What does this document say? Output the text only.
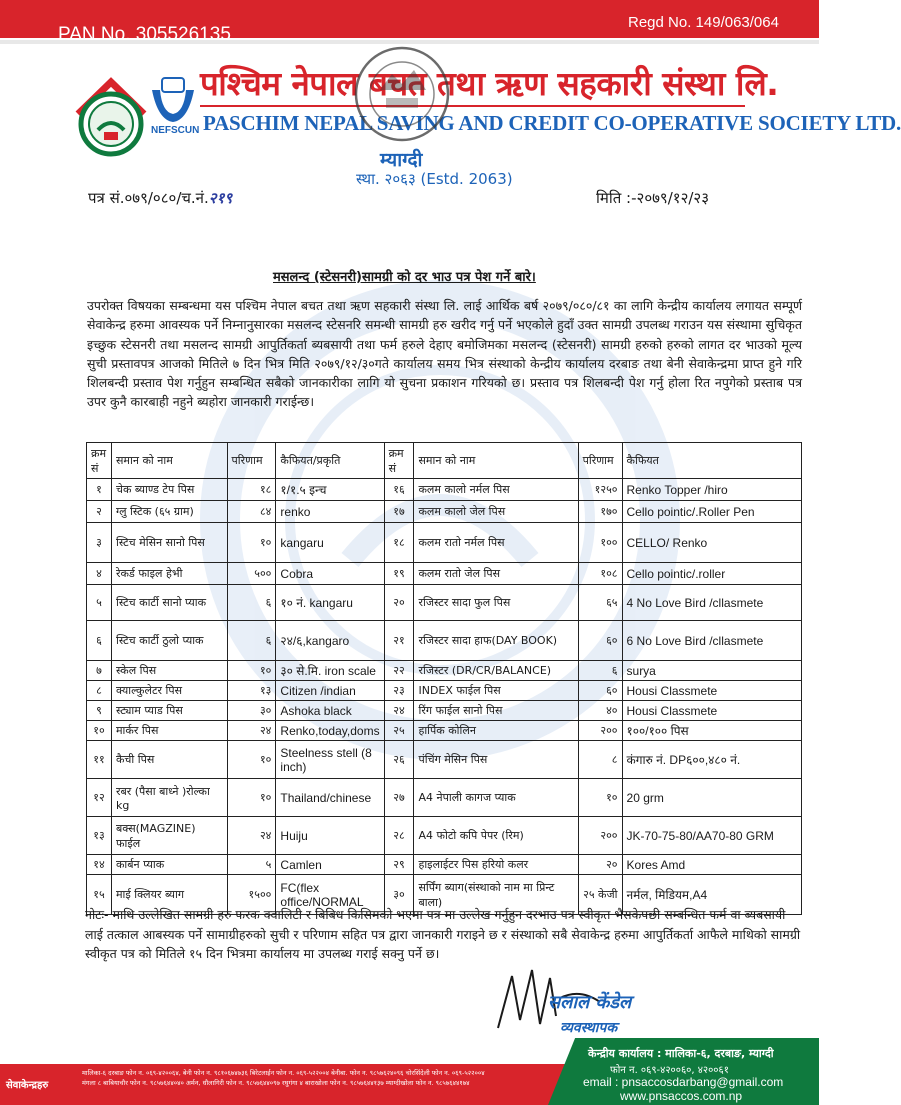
PAN No. 305526135
Regd No. 149/063/064
NEFSCUN
पश्चिम नेपाल बचत तथा ऋण सहकारी संस्था लि.
PASCHIM NEPAL SAVING AND CREDIT CO-OPERATIVE SOCIETY LTD.
म्याग्दी
स्था. २०६३ (Estd. 2063)
पत्र सं.०७९/०८०/च.नं.२१९	मिति :-२०७९/१२/२३
मसलन्द (स्टेसनरी)सामग्री को दर भाउ पत्र पेश गर्ने बारे।
उपरोक्त विषयका सम्बन्धमा यस पश्चिम नेपाल बचत तथा ऋण सहकारी संस्था लि. लाई आर्थिक बर्ष २०७९/०८०/८१ का लागि केन्द्रीय कार्यालय लगायत सम्पूर्ण सेवाकेन्द्र हरुमा आवस्यक पर्ने निम्नानुसारका मसलन्द स्टेसनरि समन्धी सामग्री हरु खरीद गर्नु पर्ने भएकोले हुदाँ उक्त सामग्री उपलब्ध गराउन यस संस्थामा सुचिकृत इच्छुक स्टेसनरी तथा मसलन्द सामग्री आपुर्तिकर्ता ब्यबसायी तथा फर्म हरुले देहाए बमोजिमका मसलन्द (स्टेसनरी) सामग्री हरुको हरुको लागत दर भाउको मूल्य सुची प्रस्तावपत्र आजको मितिले ७ दिन भित्र मिति २०७९/१२/३०गते कार्यालय समय भित्र संस्थाको केन्द्रीय कार्यालय दरबाङ तथा बेनी सेवाकेन्द्रमा प्राप्त हुने गरि शिलबन्दी प्रस्ताव पेश गर्नुहुन सम्बन्धित सबैको जानकारीका लागि यो सुचना प्रकाशन गरियको छ। प्रस्ताव पत्र शिलबन्दी पेश गर्नु होला रित नपुगेको प्रस्ताब पत्र उपर कुनै कारबाही नहुने ब्यहोरा जानकारी गराईन्छ।
क्रम सं	समान को नाम	परिणाम	कैफियत/प्रकृति	क्रम सं	समान को नाम	परिणाम	कैफियत
१	चेक ब्याण्ड टेप पिस	१८	१/१.५ इन्च	१६	कलम कालो नर्मल पिस	१२५०	Renko Topper /hiro
२	ग्लु स्टिक (६५ ग्राम)	८४	renko	१७	कलम कालो जेल पिस	१७०	Cello pointic/.Roller Pen
३	स्टिच मेसिन सानो पिस	१०	kangaru	१८	कलम रातो नर्मल पिस	१००	CELLO/ Renko
४	रेकर्ड फाइल हेभी	५००	Cobra	१९	कलम रातो जेल पिस	१०८	Cello pointic/.roller
५	स्टिच कार्टी सानो प्याक	६	१० नं. kangaru	२०	रजिस्टर सादा फुल पिस	६५	4 No Love Bird /cllasmete
६	स्टिच कार्टी ठुलो प्याक	६	२४/६,kangaro	२१	रजिस्टर सादा हाफ(DAY BOOK)	६०	6 No Love Bird /cllasmete
७	स्केल पिस	१०	३० से.मि. iron scale	२२	रजिस्टर (DR/CR/BALANCE)	६	surya
८	क्याल्कुलेटर पिस	१३	Citizen /indian	२३	INDEX फाईल पिस	६०	Housi Classmete
९	स्ट्याम प्याड पिस	३०	Ashoka black	२४	रिंग फाईल सानो पिस	४०	Housi Classmete
१०	मार्कर पिस	२४	Renko,today,doms	२५	हार्पिक कोलिन	२००	१००/१०० पिस
११	कैची पिस	१०	Steelness stell (8 inch)	२६	पंचिंग मेसिन पिस	८	कंगारु नं. DP६००,४८० नं.
१२	रबर (पैसा बाध्ने )रोल्का kg	१०	Thailand/chinese	२७	A4 नेपाली कागज प्याक	१०	20 grm
१३	बक्स(MAGZINE) फाईल	२४	Huiju	२८	A4 फोटो कपि पेपर (रिम)	२००	JK-70-75-80/AA70-80 GRM
१४	कार्बन प्याक	५	Camlen	२९	हाइलाईटर पिस हरियो कलर	२०	Kores Amd
१५	माई क्लियर ब्याग	१५००	FC(flex office/NORMAL	३०	सर्पिंग ब्याग(संस्थाको नाम मा प्रिन्ट बाला)	२५ केजी	नर्मल, मिडियम,A4
नोटः- माथि उल्लेखित सामग्री हरु फरक क्वालिटी र बिबिध किसिमको भएमा पत्र मा उल्लेख गर्नुहुन दरभाउ पत्र स्वीकृत भैसकेपछी सम्बन्धित फर्म वा ब्यबसायी लाई तत्काल आबस्यक पर्ने सामाग्रीहरुको सुची र परिणाम सहित पत्र द्वारा जानकारी गराइने छ र संस्थाको सबै सेवाकेन्द्र हरुमा आपुर्तिकर्ता आफैले माथिको सामग्री स्वीकृत पत्र को मितिले १५ दिन भित्रमा कार्यालय मा उपलब्ध गराई सक्नु पर्ने छ।
सलाल केंडेल
व्यवस्थापक
सेवाकेन्द्रहरु
मालिका-६ दरबाङ फोन न. ०६९-४२००६४, बेनी फोन न. ९८१०६७४७३६ बिरेटलाईन फोन न. ०६९-५२२००४ बेनीबा. फोन न. ९८५७६२४०९६ चोरसिंदेली फोन न. ०६९-५२२००४
मंगला ८ बाबियाचौर फोन न. ९८५७६४४०४० अर्मन, धौलागिरी फोन न. ९८५७६४४०९७ रघुगंगा ४ बाराखोला फोन न. ९८५७६४४१३७ म्याग्दीखोला फोन न. ९८५७६४४१७४
केन्द्रीय कार्यालय : मालिका-६, दरबाङ, म्याग्दी
फोन न. ०६९-४२००६०, ४२००६१
email : pnsaccosdarbang@gmail.com
www.pnsaccos.com.np
